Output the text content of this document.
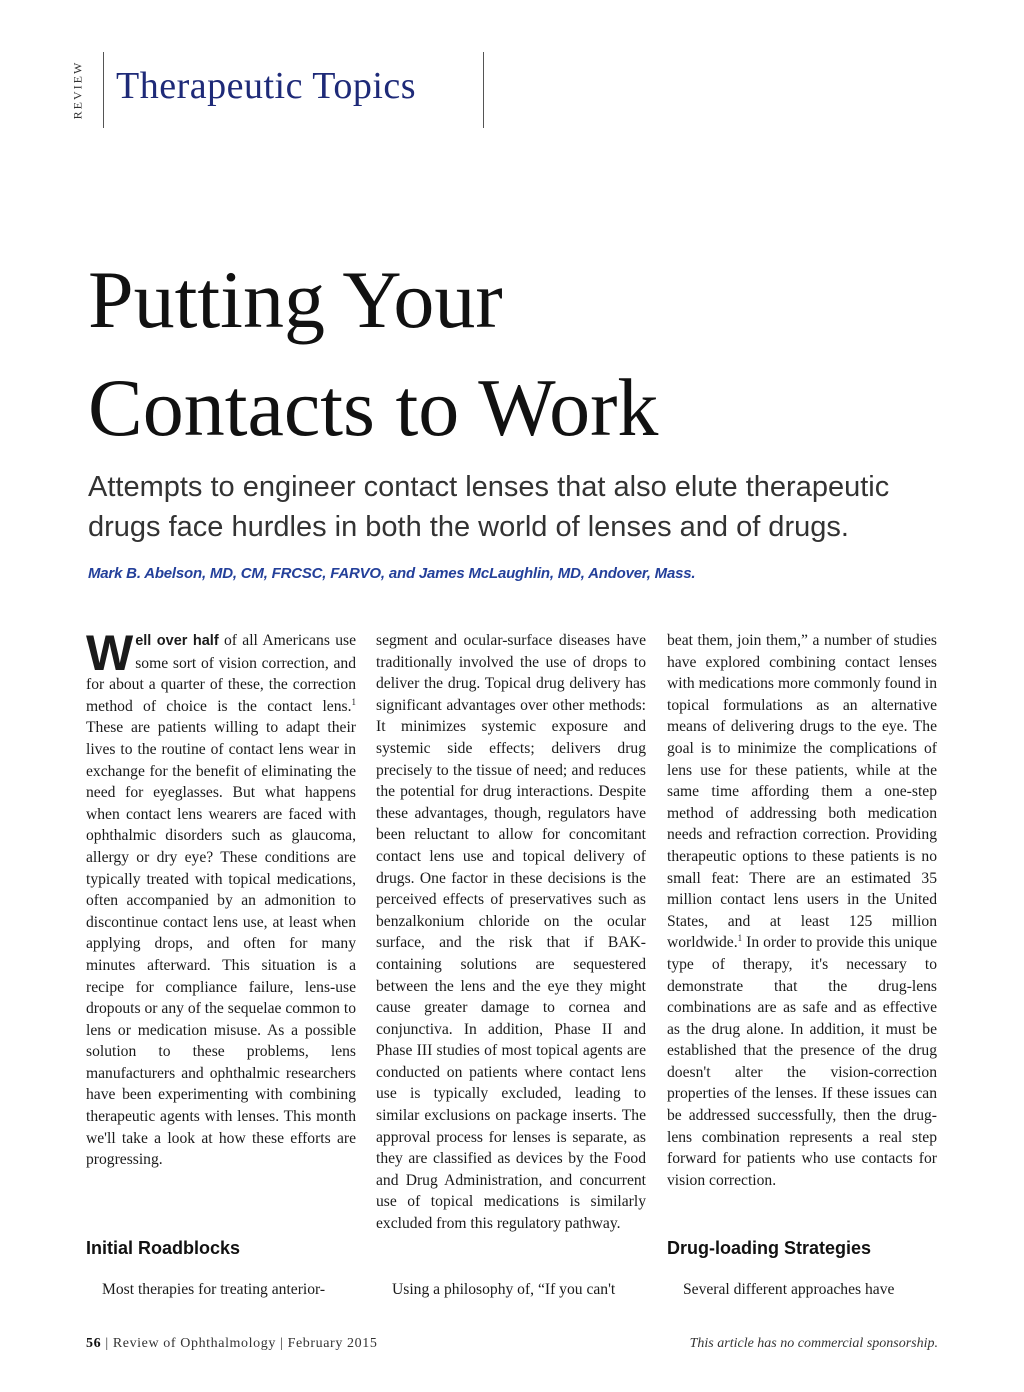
REVIEW Therapeutic Topics
Putting Your
Contacts to Work

Attempts to engineer contact lenses that also elute therapeutic drugs face hurdles in both the world of lenses and of drugs.

Mark B. Abelson, MD, CM, FRCSC, FARVO, and James McLaughlin, MD, Andover, Mass.

Well over half of all Americans use some sort of vision correction, and for about a quarter of these, the correction method of choice is the contact lens.$^1$ These are patients willing to adapt their lives to the routine of contact lens wear in exchange for the benefit of eliminating the need for eyeglasses. But what happens when contact lens wearers are faced with ophthalmic disorders such as glaucoma, allergy or dry eye? These conditions are typically treated with topical medications, often accompanied by an admonition to discontinue contact lens use, at least when applying drops, and often for many minutes afterward. This situation is a recipe for compliance failure, lens-use dropouts or any of the sequelae common to lens or medication misuse. As a possible solution to these problems, lens manufacturers and ophthalmic researchers have been experimenting with combining therapeutic agents with lenses. This month we'll take a look at how these efforts are progressing.

segment and ocular-surface diseases have traditionally involved the use of drops to deliver the drug. Topical drug delivery has significant advantages over other methods: It minimizes systemic exposure and systemic side effects; delivers drug precisely to the tissue of need; and reduces the potential for drug interactions. Despite these advantages, though, regulators have been reluctant to allow for concomitant contact lens use and topical delivery of drugs. One factor in these decisions is the perceived effects of preservatives such as benzalkonium chloride on the ocular surface, and the risk that if BAK-containing solutions are sequestered between the lens and the eye they might cause greater damage to cornea and conjunctiva. In addition, Phase II and Phase III studies of most topical agents are conducted on patients where contact lens use is typically excluded, leading to similar exclusions on package inserts. The approval process for lenses is separate, as they are classified as devices by the Food and Drug Administration, and concurrent use of topical medications is similarly excluded from this regulatory pathway.

beat them, join them,” a number of studies have explored combining contact lenses with medications more commonly found in topical formulations as an alternative means of delivering drugs to the eye. The goal is to minimize the complications of lens use for these patients, while at the same time affording them a one-step method of addressing both medication needs and refraction correction. Providing therapeutic options to these patients is no small feat: There are an estimated 35 million contact lens users in the United States, and at least 125 million worldwide.$^1$ In order to provide this unique type of therapy, it's necessary to demonstrate that the drug-lens combinations are as safe and as effective as the drug alone. In addition, it must be established that the presence of the drug doesn't alter the vision-correction properties of the lenses. If these issues can be addressed successfully, then the drug-lens combination represents a real step forward for patients who use contacts for vision correction.

Initial Roadblocks	Drug-loading Strategies

Most therapies for treating anterior-	Using a philosophy of, “If you can't	Several different approaches have

56 | Review of Ophthalmology | February 2015	This article has no commercial sponsorship.
